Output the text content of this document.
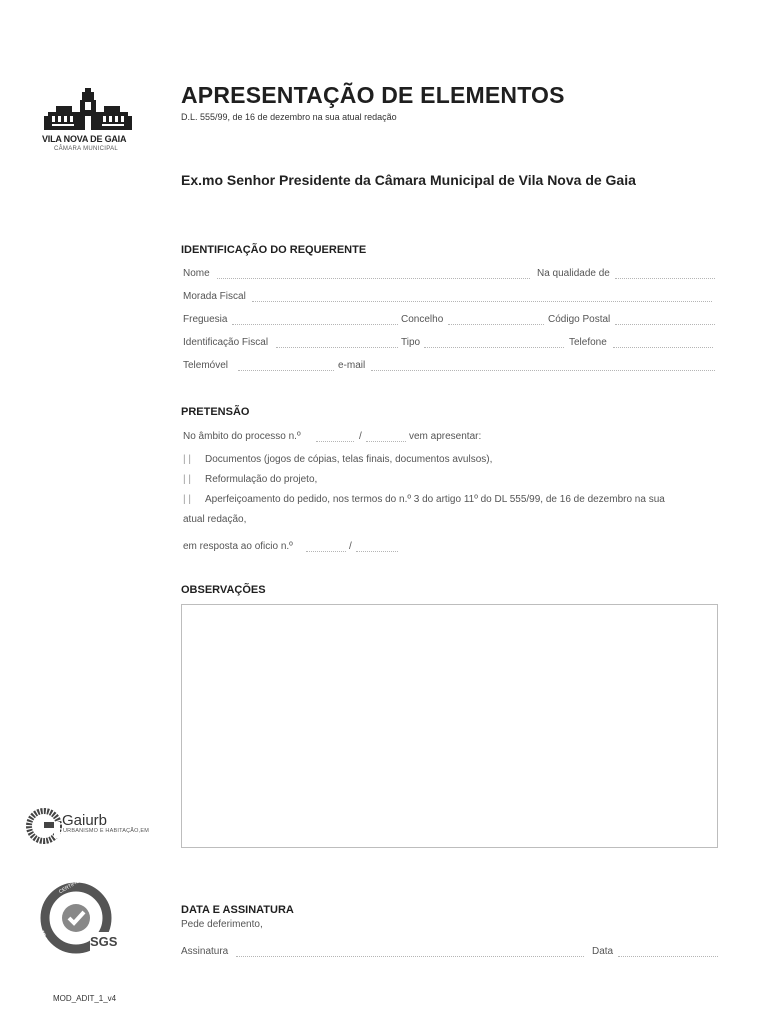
VILA NOVA DE GAIA
CÂMARA MUNICIPAL
APRESENTAÇÃO DE ELEMENTOS
D.L. 555/99, de 16 de dezembro na sua atual redação
Ex.mo Senhor Presidente da Câmara Municipal de Vila Nova de Gaia
IDENTIFICAÇÃO DO REQUERENTE
Nome	Na qualidade de
Morada Fiscal
Freguesia	Concelho	Código Postal
Identificação Fiscal	Tipo	Telefone
Telemóvel	e-mail
PRETENSÃO
No âmbito do processo n.º	/	vem apresentar:
| | Documentos (jogos de cópias, telas finais, documentos avulsos),
| | Reformulação do projeto,
| | Aperfeiçoamento do pedido, nos termos do n.º 3 do artigo 11º do DL 555/99, de 16 de dezembro na sua
atual redação,
em resposta ao oficio n.º	/
OBSERVAÇÕES
Gaiurb
URBANISMO E HABITAÇÃO,EM
CERTIFICAÇÃO DE SISTEMAS
ISO 9001	SGS
DATA E ASSINATURA
Pede deferimento,
Assinatura	Data
MOD_ADIT_1_v4
